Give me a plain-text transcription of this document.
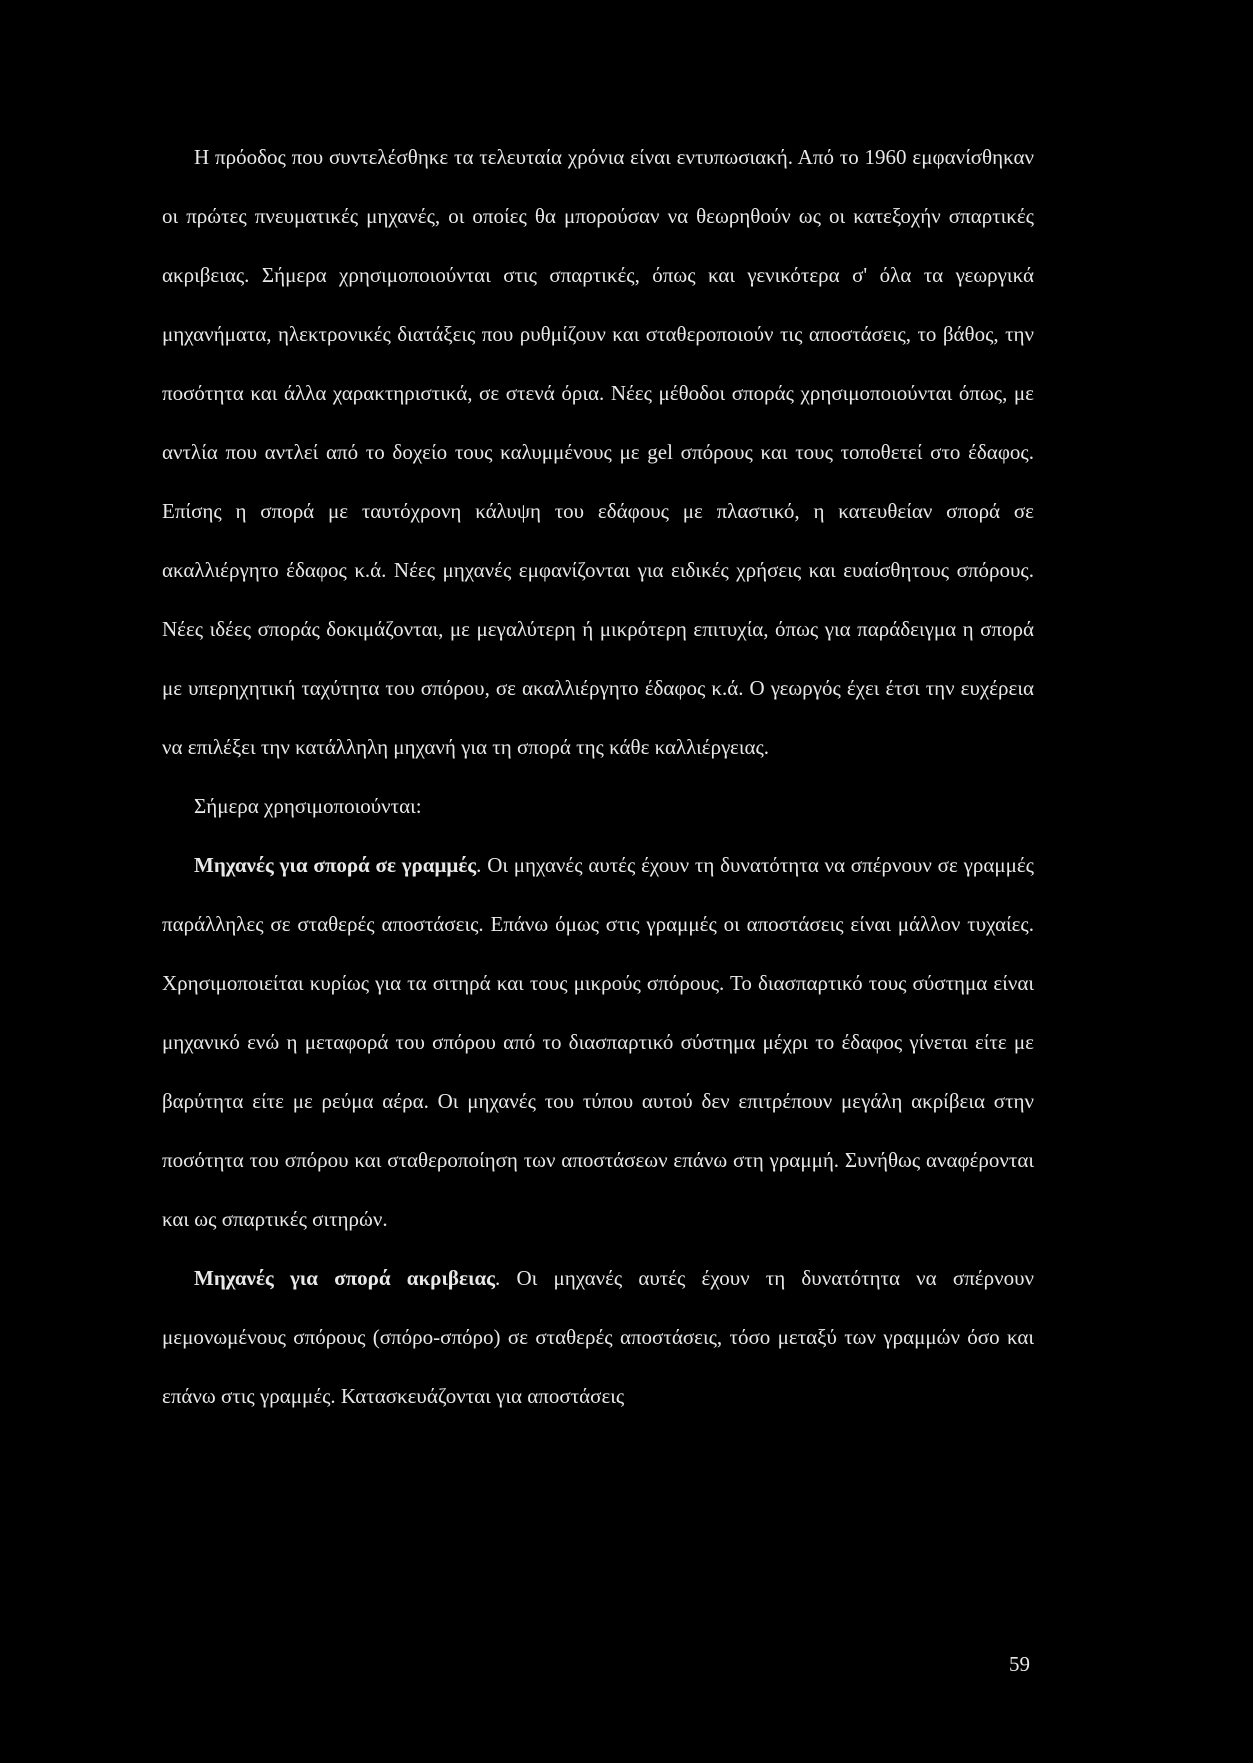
Η πρόοδος που συντελέσθηκε τα τελευταία χρόνια είναι εντυπωσιακή. Από το 1960 εμφανίσθηκαν οι πρώτες πνευματικές μηχανές, οι οποίες θα μπορούσαν να θεωρηθούν ως οι κατεξοχήν σπαρτικές ακριβειας. Σήμερα χρησιμοποιούνται στις σπαρτικές, όπως και γενικότερα σ' όλα τα γεωργικά μηχανήματα, ηλεκτρονικές διατάξεις που ρυθμίζουν και σταθεροποιούν τις αποστάσεις, το βάθος, την ποσότητα και άλλα χαρακτηριστικά, σε στενά όρια. Νέες μέθοδοι σποράς χρησιμοποιούνται όπως, με αντλία που αντλεί από το δοχείο τους καλυμμένους με gel σπόρους και τους τοποθετεί στο έδαφος. Επίσης η σπορά με ταυτόχρονη κάλυψη του εδάφους με πλαστικό, η κατευθείαν σπορά σε ακαλλιέργητο έδαφος κ.ά. Νέες μηχανές εμφανίζονται για ειδικές χρήσεις και ευαίσθητους σπόρους. Νέες ιδέες σποράς δοκιμάζονται, με μεγαλύτερη ή μικρότερη επιτυχία, όπως για παράδειγμα η σπορά με υπερηχητική ταχύτητα του σπόρου, σε ακαλλιέργητο έδαφος κ.ά. Ο γεωργός έχει έτσι την ευχέρεια να επιλέξει την κατάλληλη μηχανή για τη σπορά της κάθε καλλιέργειας.

Σήμερα χρησιμοποιούνται:

Μηχανές για σπορά σε γραμμές. Οι μηχανές αυτές έχουν τη δυνατότητα να σπέρνουν σε γραμμές παράλληλες σε σταθερές αποστάσεις. Επάνω όμως στις γραμμές οι αποστάσεις είναι μάλλον τυχαίες. Χρησιμοποιείται κυρίως για τα σιτηρά και τους μικρούς σπόρους. Το διασπαρτικό τους σύστημα είναι μηχανικό ενώ η μεταφορά του σπόρου από το διασπαρτικό σύστημα μέχρι το έδαφος γίνεται είτε με βαρύτητα είτε με ρεύμα αέρα. Οι μηχανές του τύπου αυτού δεν επιτρέπουν μεγάλη ακρίβεια στην ποσότητα του σπόρου και σταθεροποίηση των αποστάσεων επάνω στη γραμμή. Συνήθως αναφέρονται και ως σπαρτικές σιτηρών.

Μηχανές για σπορά ακριβειας. Οι μηχανές αυτές έχουν τη δυνατότητα να σπέρνουν μεμονωμένους σπόρους (σπόρο-σπόρο) σε σταθερές αποστάσεις, τόσο μεταξύ των γραμμών όσο και επάνω στις γραμμές. Κατασκευάζονται για αποστάσεις

59
